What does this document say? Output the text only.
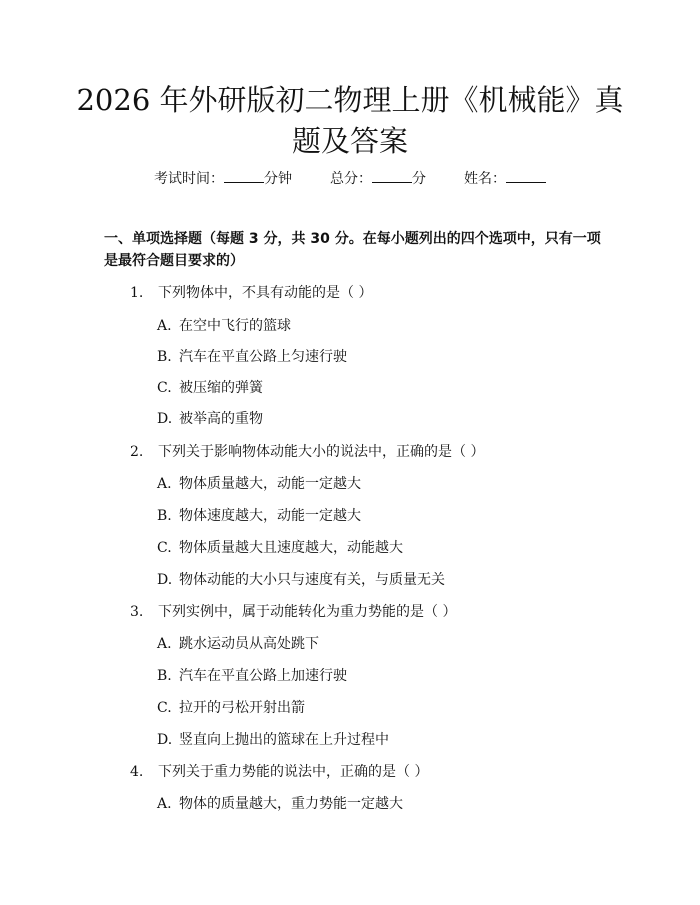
2026 年外研版初二物理上册《机械能》真题及答案
考试时间：	分钟	总分：	分	姓名：
一、单项选择题（每题 3 分，共 30 分。在每小题列出的四个选项中，只有一项是最符合题目要求的）
1. 下列物体中，不具有动能的是（ ）
A. 在空中飞行的篮球
B. 汽车在平直公路上匀速行驶
C. 被压缩的弹簧
D. 被举高的重物
2. 下列关于影响物体动能大小的说法中，正确的是（ ）
A. 物体质量越大，动能一定越大
B. 物体速度越大，动能一定越大
C. 物体质量越大且速度越大，动能越大
D. 物体动能的大小只与速度有关，与质量无关
3. 下列实例中，属于动能转化为重力势能的是（ ）
A. 跳水运动员从高处跳下
B. 汽车在平直公路上加速行驶
C. 拉开的弓松开射出箭
D. 竖直向上抛出的篮球在上升过程中
4. 下列关于重力势能的说法中，正确的是（ ）
A. 物体的质量越大，重力势能一定越大
